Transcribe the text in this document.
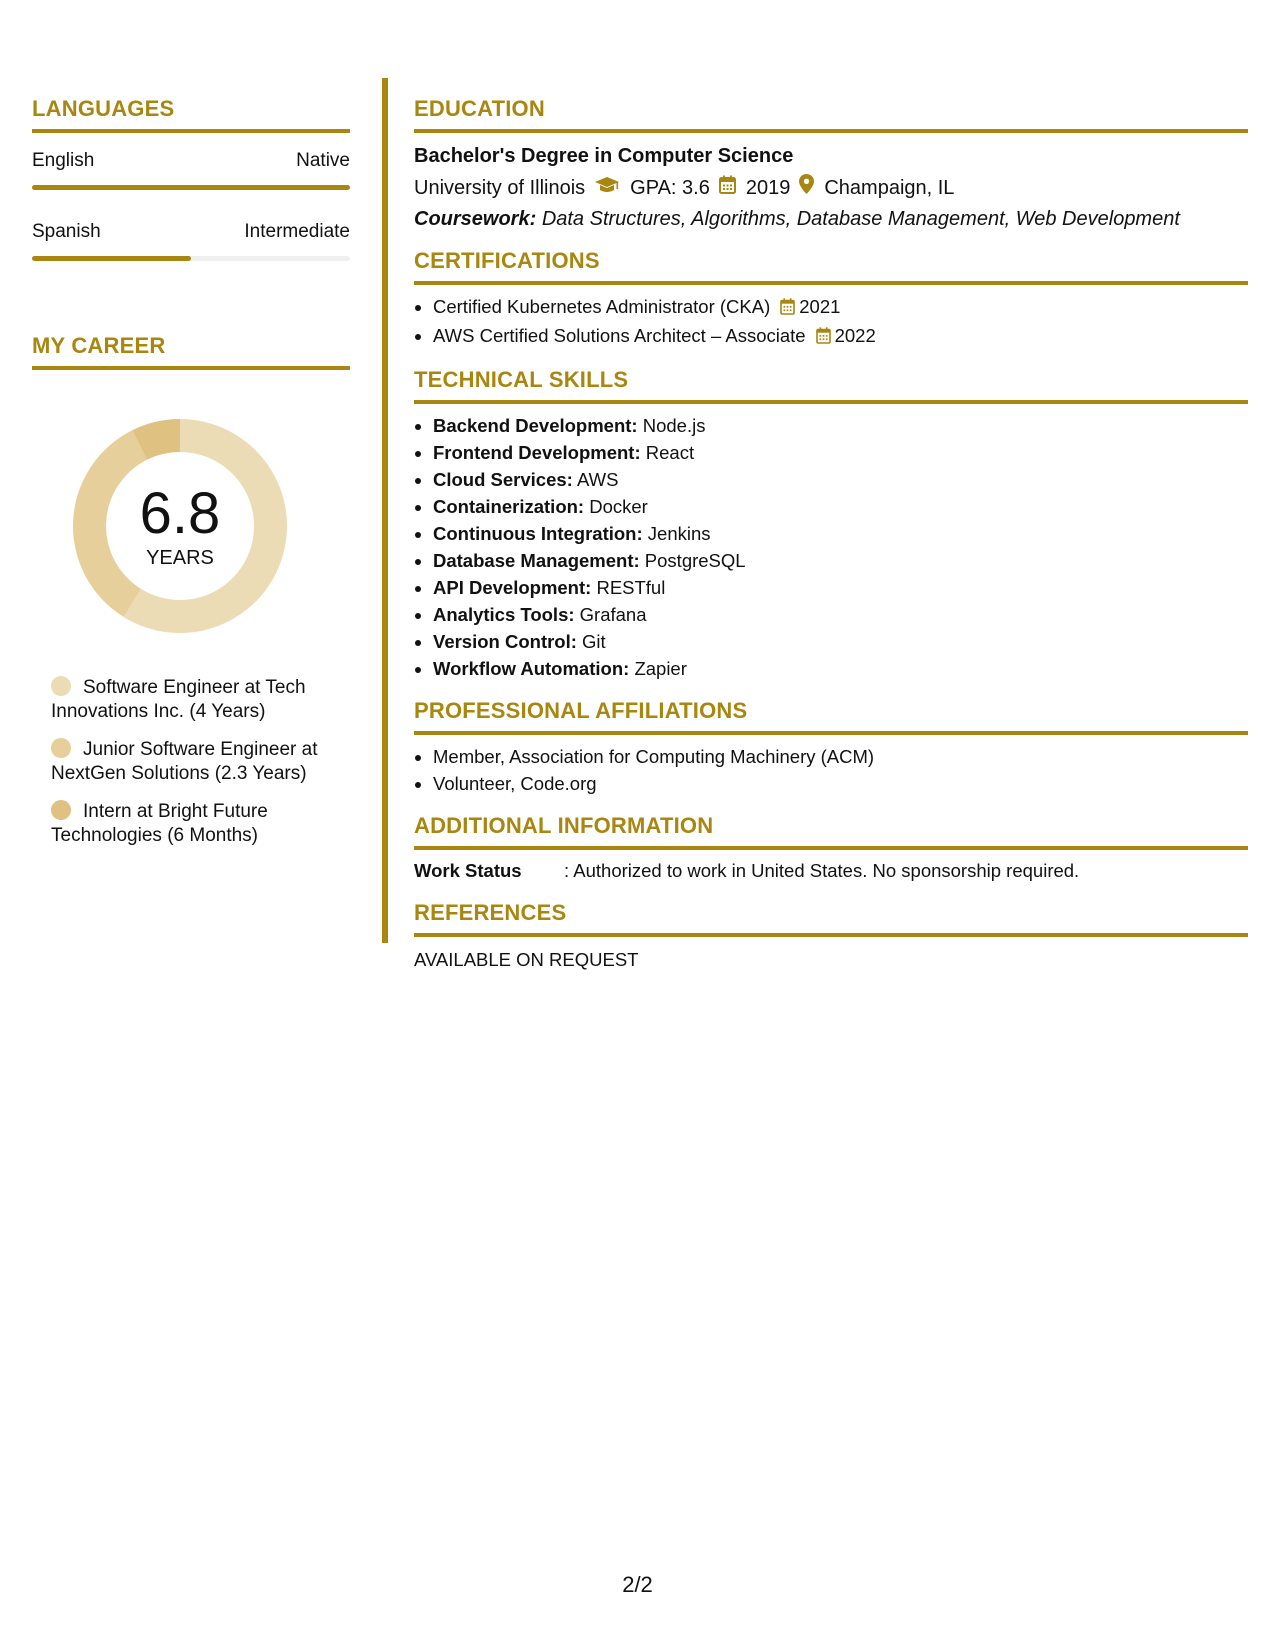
LANGUAGES
English	Native
Spanish	Intermediate
MY CAREER
6.8
YEARS
Software Engineer at Tech Innovations Inc. (4 Years)
Junior Software Engineer at NextGen Solutions (2.3 Years)
Intern at Bright Future Technologies (6 Months)
EDUCATION
Bachelor's Degree in Computer Science
University of Illinois GPA: 3.6 2019 Champaign, IL
Coursework: Data Structures, Algorithms, Database Management, Web Development
CERTIFICATIONS
• Certified Kubernetes Administrator (CKA) 2021
• AWS Certified Solutions Architect – Associate 2022
TECHNICAL SKILLS
• Backend Development: Node.js
• Frontend Development: React
• Cloud Services: AWS
• Containerization: Docker
• Continuous Integration: Jenkins
• Database Management: PostgreSQL
• API Development: RESTful
• Analytics Tools: Grafana
• Version Control: Git
• Workflow Automation: Zapier
PROFESSIONAL AFFILIATIONS
• Member, Association for Computing Machinery (ACM)
• Volunteer, Code.org
ADDITIONAL INFORMATION
Work Status	: Authorized to work in United States. No sponsorship required.
REFERENCES
AVAILABLE ON REQUEST
2/2
